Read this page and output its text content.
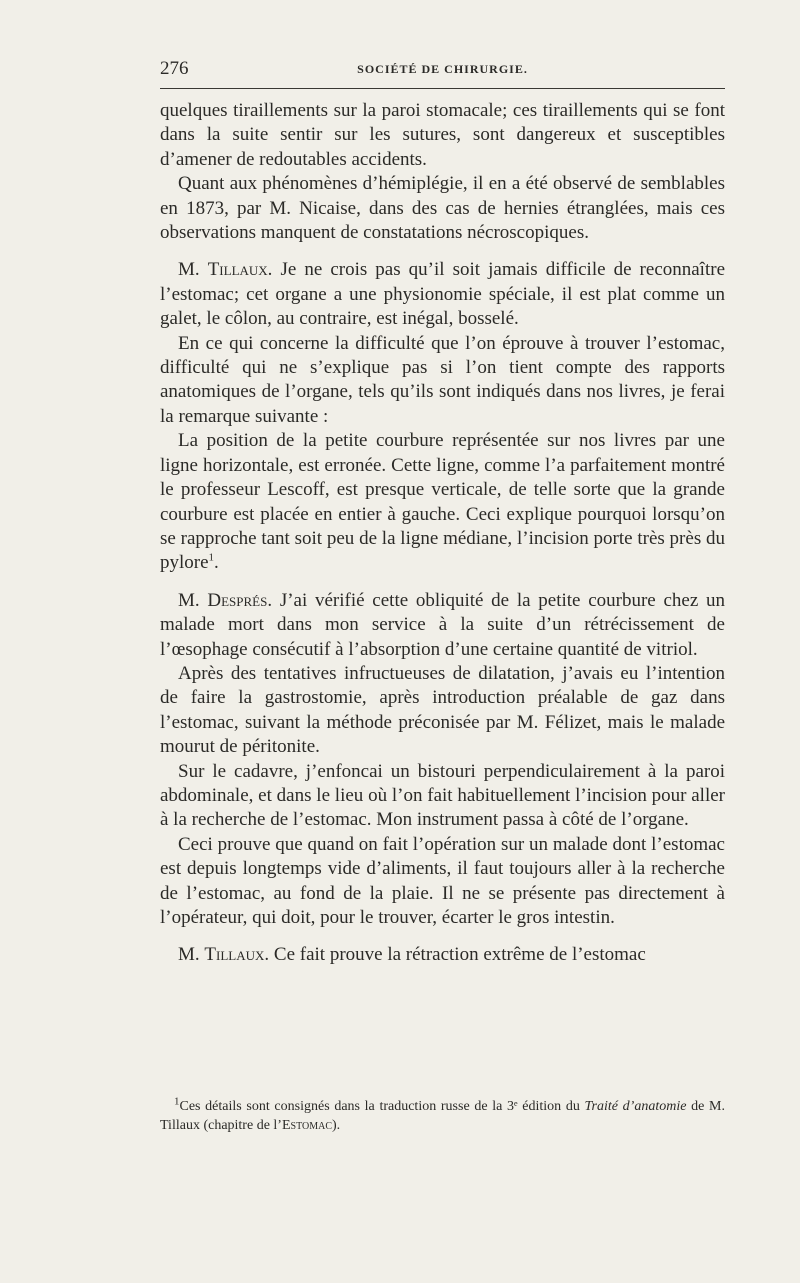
276	SOCIÉTÉ DE CHIRURGIE.

quelques tiraillements sur la paroi stomacale; ces tiraillements qui se font dans la suite sentir sur les sutures, sont dangereux et susceptibles d’amener de redoutables accidents.

Quant aux phénomènes d’hémiplégie, il en a été observé de semblables en 1873, par M. Nicaise, dans des cas de hernies étranglées, mais ces observations manquent de constatations nécroscopiques.

M. Tillaux. Je ne crois pas qu’il soit jamais difficile de reconnaître l’estomac; cet organe a une physionomie spéciale, il est plat comme un galet, le côlon, au contraire, est inégal, bosselé.

En ce qui concerne la difficulté que l’on éprouve à trouver l’estomac, difficulté qui ne s’explique pas si l’on tient compte des rapports anatomiques de l’organe, tels qu’ils sont indiqués dans nos livres, je ferai la remarque suivante :

La position de la petite courbure représentée sur nos livres par une ligne horizontale, est erronée. Cette ligne, comme l’a parfaitement montré le professeur Lescoff, est presque verticale, de telle sorte que la grande courbure est placée en entier à gauche. Ceci explique pourquoi lorsqu’on se rapproche tant soit peu de la ligne médiane, l’incision porte très près du pylore$^1$.

M. Després. J’ai vérifié cette obliquité de la petite courbure chez un malade mort dans mon service à la suite d’un rétrécissement de l’œsophage consécutif à l’absorption d’une certaine quantité de vitriol.

Après des tentatives infructueuses de dilatation, j’avais eu l’intention de faire la gastrostomie, après introduction préalable de gaz dans l’estomac, suivant la méthode préconisée par M. Félizet, mais le malade mourut de péritonite.

Sur le cadavre, j’enfoncai un bistouri perpendiculairement à la paroi abdominale, et dans le lieu où l’on fait habituellement l’incision pour aller à la recherche de l’estomac. Mon instrument passa à côté de l’organe.

Ceci prouve que quand on fait l’opération sur un malade dont l’estomac est depuis longtemps vide d’aliments, il faut toujours aller à la recherche de l’estomac, au fond de la plaie. Il ne se présente pas directement à l’opérateur, qui doit, pour le trouver, écarter le gros intestin.

M. Tillaux. Ce fait prouve la rétraction extrême de l’estomac

$^1$Ces détails sont consignés dans la traduction russe de la 3ᵉ édition du Traité d’anatomie de M. Tillaux (chapitre de l’Estomac).
